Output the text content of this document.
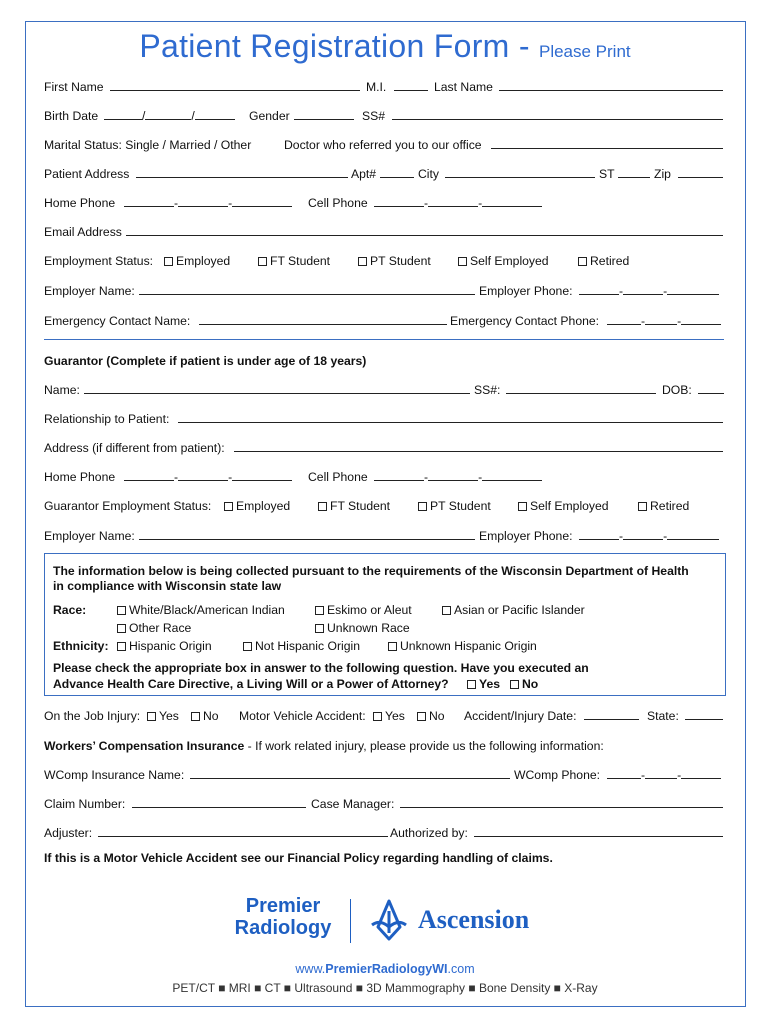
Patient Registration Form - Please Print
First Name	M.I.	Last Name
Birth Date	/	/	Gender	SS#
Marital Status: Single / Married / Other	Doctor who referred you to our office
Patient Address	Apt#	City	ST	Zip
Home Phone	-	-	Cell Phone	-	-
Email Address
Employment Status:	Employed	FT Student	PT Student	Self Employed	Retired
Employer Name:	Employer Phone:	-	-
Emergency Contact Name:	Emergency Contact Phone:	-	-
Guarantor (Complete if patient is under age of 18 years)
Name:	SS#:	DOB:
Relationship to Patient:
Address (if different from patient):
Home Phone	-	-	Cell Phone	-	-
Guarantor Employment Status:	Employed	FT Student	PT Student	Self Employed	Retired
Employer Name:	Employer Phone:	-	-
The information below is being collected pursuant to the requirements of the Wisconsin Department of Health
in compliance with Wisconsin state law
Race:	White/Black/American Indian	Eskimo or Aleut	Asian or Pacific Islander
Other Race	Unknown Race
Ethnicity:	Hispanic Origin	Not Hispanic Origin	Unknown Hispanic Origin
Please check the appropriate box in answer to the following question. Have you executed an
Advance Health Care Directive, a Living Will or a Power of Attorney?	Yes	No
On the Job Injury:	Yes	No Motor Vehicle Accident:	Yes	No Accident/Injury Date:	State:
Workers’ Compensation Insurance - If work related injury, please provide us the following information:
WComp Insurance Name:	WComp Phone:	-	-
Claim Number:	Case Manager:
Adjuster:	Authorized by:
If this is a Motor Vehicle Accident see our Financial Policy regarding handling of claims.
Premier
Radiology	Ascension
www.PremierRadiologyWI.com
PET/CT ■ MRI ■ CT ■ Ultrasound ■ 3D Mammography ■ Bone Density ■ X-Ray
